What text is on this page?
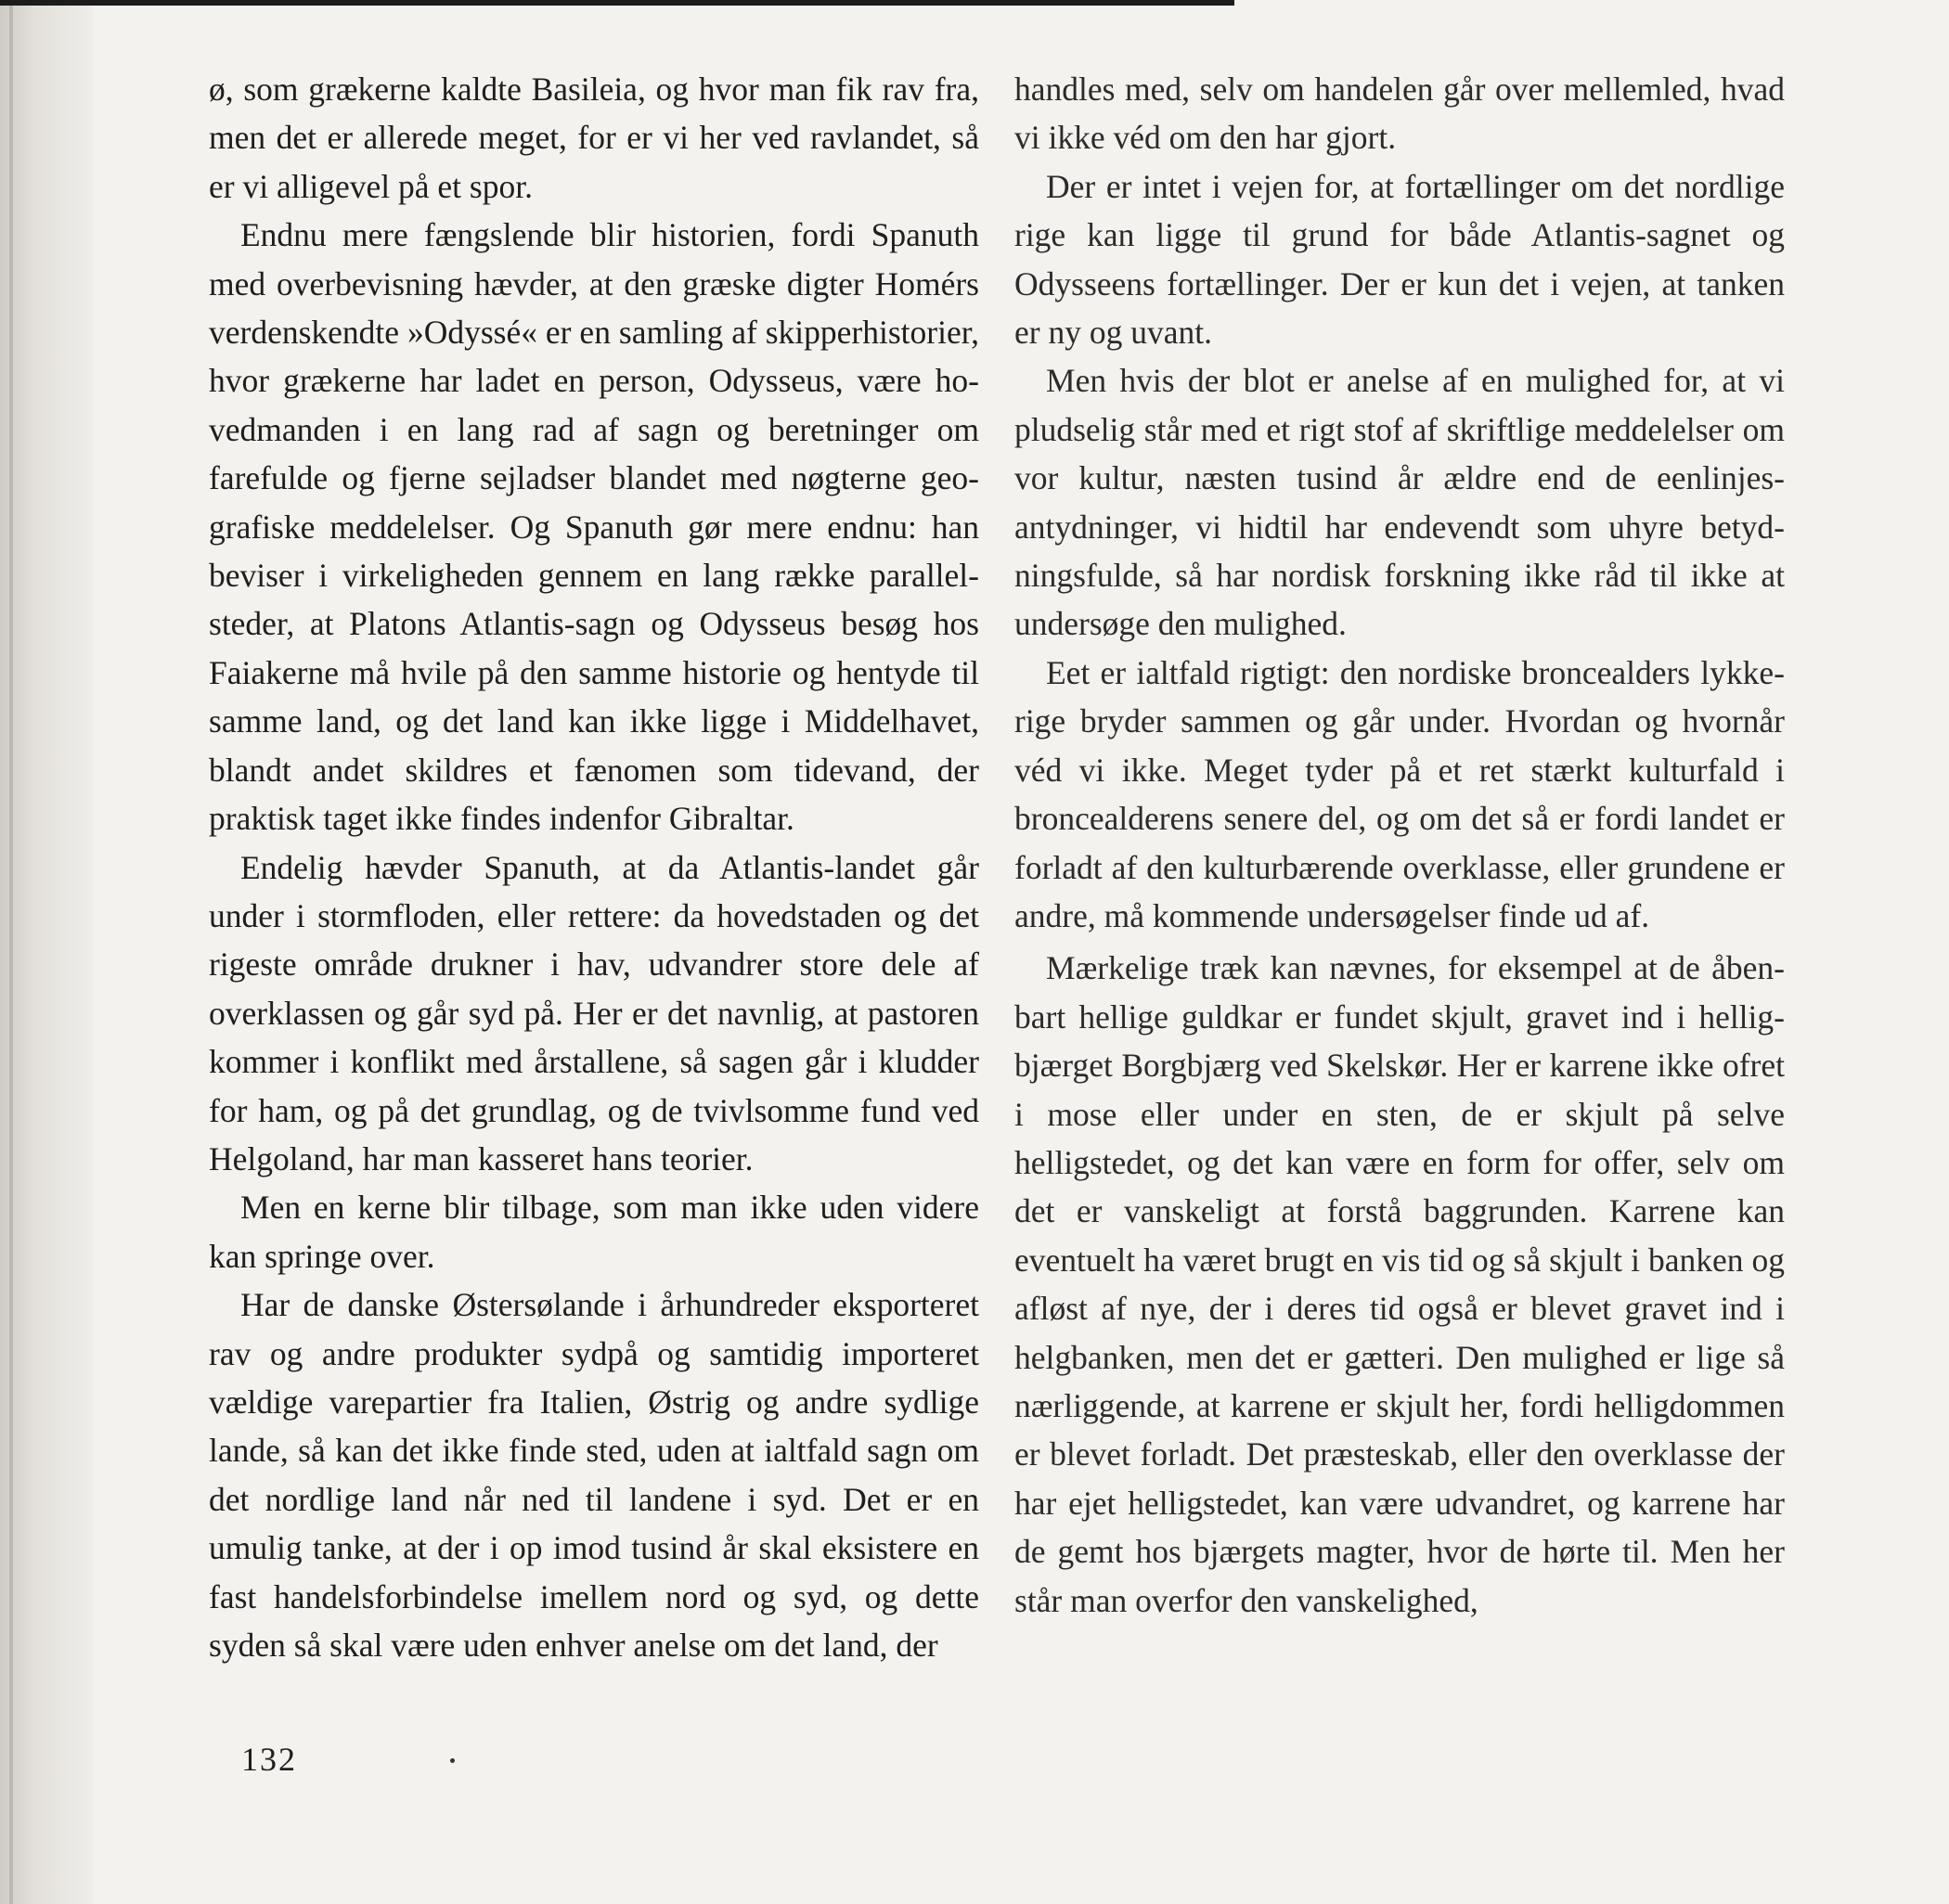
ø, som grækerne kaldte Basileia, og hvor man fik rav fra, men det er allerede meget, for er vi her ved ravlandet, så er vi alligevel på et spor.

Endnu mere fængslende blir historien, fordi Spanuth med overbevisning hævder, at den græske digter Homérs verdenskendte »Odyssé« er en samling af skipperhistorier, hvor grækerne har ladet en person, Odysseus, være hovedmanden i en lang rad af sagn og beretninger om farefulde og fjerne sejladser blandet med nøgterne geografiske meddelelser. Og Spanuth gør mere endnu: han beviser i virkeligheden gennem en lang række parallelsteder, at Platons Atlantis-sagn og Odysseus besøg hos Faiakerne må hvile på den samme historie og hentyde til samme land, og det land kan ikke ligge i Middelhavet, blandt andet skildres et fænomen som tidevand, der praktisk taget ikke findes indenfor Gibraltar.

Endelig hævder Spanuth, at da Atlantis-landet går under i stormfloden, eller rettere: da hovedstaden og det rigeste område drukner i hav, udvandrer store dele af overklassen og går syd på. Her er det navnlig, at pastoren kommer i konflikt med årstallene, så sagen går i kludder for ham, og på det grundlag, og de tvivlsomme fund ved Helgoland, har man kasseret hans teorier.

Men en kerne blir tilbage, som man ikke uden videre kan springe over.

Har de danske Østersølande i århundreder eksporteret rav og andre produkter sydpå og samtidig importeret vældige varepartier fra Italien, Østrig og andre sydlige lande, så kan det ikke finde sted, uden at ialtfald sagn om det nordlige land når ned til landene i syd. Det er en umulig tanke, at der i op imod tusind år skal eksistere en fast handelsforbindelse imellem nord og syd, og dette syden så skal være uden enhver anelse om det land, der

handles med, selv om handelen går over mellemled, hvad vi ikke véd om den har gjort.

Der er intet i vejen for, at fortællinger om det nordlige rige kan ligge til grund for både Atlantis-sagnet og Odysseens fortællinger. Der er kun det i vejen, at tanken er ny og uvant.

Men hvis der blot er anelse af en mulighed for, at vi pludselig står med et rigt stof af skriftlige meddelelser om vor kultur, næsten tusind år ældre end de eenlinjesantydninger, vi hidtil har endevendt som uhyre betydningsfulde, så har nordisk forskning ikke råd til ikke at undersøge den mulighed.

Eet er ialtfald rigtigt: den nordiske broncealders lykkerige bryder sammen og går under. Hvordan og hvornår véd vi ikke. Meget tyder på et ret stærkt kulturfald i broncealderens senere del, og om det så er fordi landet er forladt af den kulturbærende overklasse, eller grundene er andre, må kommende undersøgelser finde ud af.

Mærkelige træk kan nævnes, for eksempel at de åbenbart hellige guldkar er fundet skjult, gravet ind i helligbjærget Borgbjærg ved Skelskør. Her er karrene ikke ofret i mose eller under en sten, de er skjult på selve helligstedet, og det kan være en form for offer, selv om det er vanskeligt at forstå baggrunden. Karrene kan eventuelt ha været brugt en vis tid og så skjult i banken og afløst af nye, der i deres tid også er blevet gravet ind i helgbanken, men det er gætteri. Den mulighed er lige så nærliggende, at karrene er skjult her, fordi helligdommen er blevet forladt. Det præsteskab, eller den overklasse der har ejet helligstedet, kan være udvandret, og karrene har de gemt hos bjærgets magter, hvor de hørte til. Men her står man overfor den vanskelighed,

132
